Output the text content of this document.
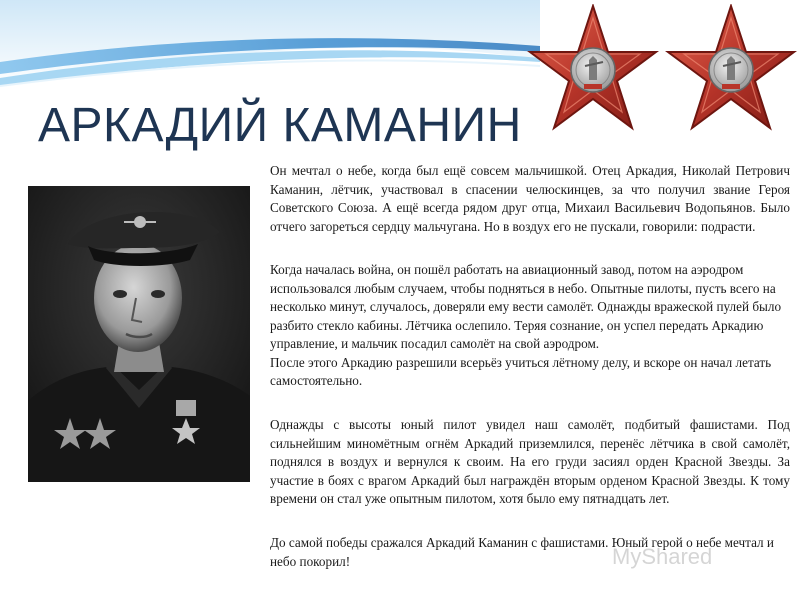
АРКАДИЙ КАМАНИН

Он мечтал о небе, когда был ещё совсем мальчишкой. Отец Аркадия, Николай Петрович Каманин, лётчик, участвовал в спасении челюскинцев, за что получил звание Героя Советского Союза. А ещё всегда рядом друг отца, Михаил Васильевич Водопьянов. Было отчего загореться сердцу мальчугана. Но в воздух его не пускали, говорили: подрасти.

Когда началась война, он пошёл работать на авиационный завод, потом на аэродром использовался любым случаем, чтобы подняться в небо. Опытные пилоты, пусть всего на несколько минут, случалось, доверяли ему вести самолёт. Однажды вражеской пулей было разбито стекло кабины. Лётчика ослепило. Теряя сознание, он успел передать Аркадию управление, и мальчик посадил самолёт на свой аэродром.
После этого Аркадию разрешили всерьёз учиться лётному делу, и вскоре он начал летать самостоятельно.

Однажды с высоты юный пилот увидел наш самолёт, подбитый фашистами. Под сильнейшим миномётным огнём Аркадий приземлился, перенёс лётчика в свой самолёт, поднялся в воздух и вернулся к своим. На его груди засиял орден Красной Звезды. За участие в боях с врагом Аркадий был награждён вторым орденом Красной Звезды. К тому времени он стал уже опытным пилотом, хотя было ему пятнадцать лет.

До самой победы сражался Аркадий Каманин с фашистами. Юный герой о небе мечтал и небо покорил!	MyShared
